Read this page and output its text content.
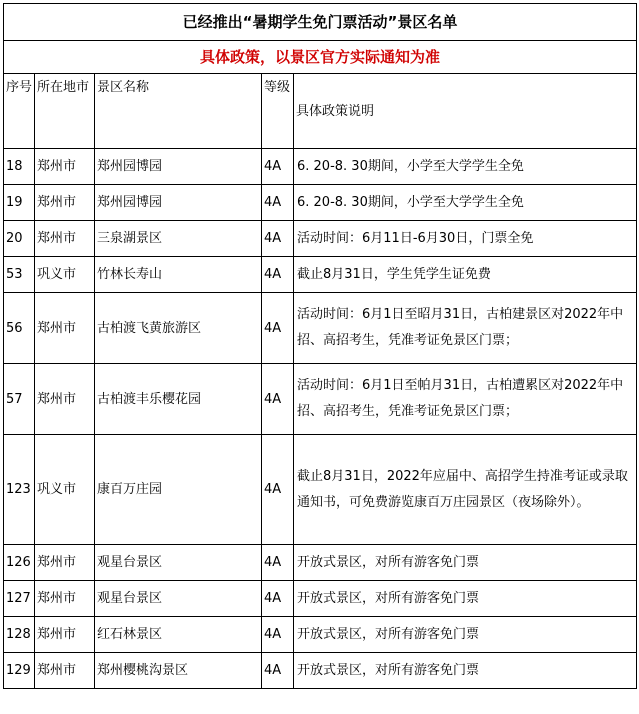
已经推出“暑期学生免门票活动”景区名单				
具体政策，以景区官方实际通知为准				
序号	所在地市	景区名称	等级	具体政策说明
18	郑州市	郑州园博园	4A	6. 20-8. 30期间，小学至大学学生全免
19	郑州市	郑州园博园	4A	6. 20-8. 30期间，小学至大学学生全免
20	郑州市	三泉湖景区	4A	活动时间：6月11日-6月30日，门票全免
53	巩义市	竹林长寿山	4A	截止8月31日，学生凭学生证免费
56	郑州市	古柏渡飞黄旅游区	4A	活动时间：6月1日至昭月31日，古柏建景区对2022年中招、高招考生，凭准考证免景区门票；
57	郑州市	古柏渡丰乐樱花园	4A	活动时间：6月1日至帕月31日，古柏遭累区对2022年中招、高招考生，凭准考证免景区门票；
123	巩义市	康百万庄园	4A	截止8月31日，2022年应届中、高招学生持准考证或录取通知书，可免费游览康百万庄园景区（夜场除外）。
126	郑州市	观星台景区	4A	开放式景区，对所有游客免门票
127	郑州市	观星台景区	4A	开放式景区，对所有游客免门票
128	郑州市	红石林景区	4A	开放式景区，对所有游客免门票
129	郑州市	郑州樱桃沟景区	4A	开放式景区，对所有游客免门票
